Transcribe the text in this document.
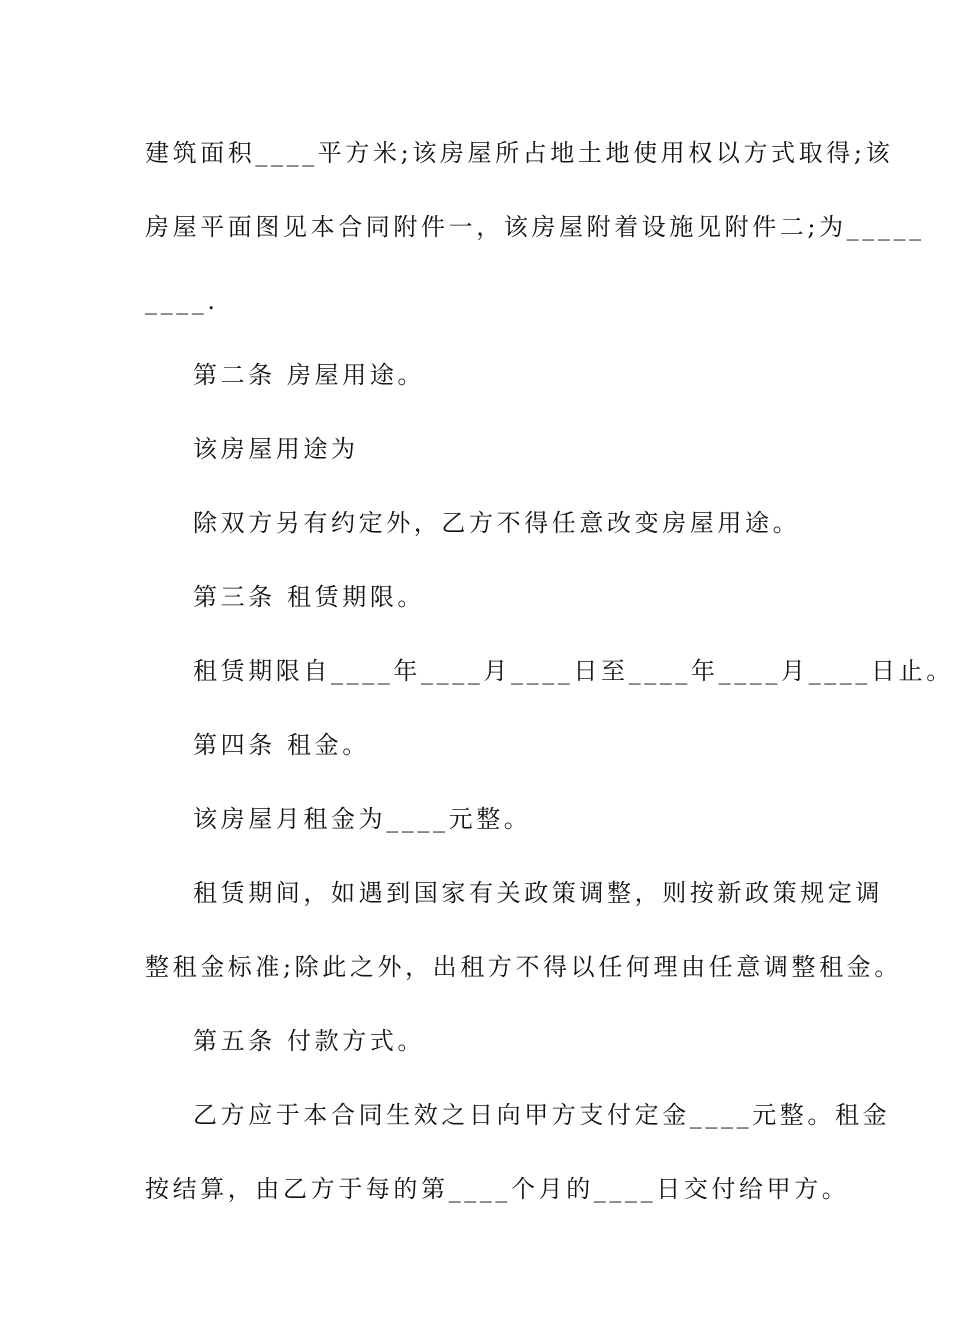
建筑面积____平方米;该房屋所占地土地使用权以方式取得;该
房屋平面图见本合同附件一，该房屋附着设施见附件二;为_____
____.
第二条 房屋用途。
该房屋用途为
除双方另有约定外，乙方不得任意改变房屋用途。
第三条 租赁期限。
租赁期限自____年____月____日至____年____月____日止。
第四条 租金。
该房屋月租金为____元整。
租赁期间，如遇到国家有关政策调整，则按新政策规定调
整租金标准;除此之外，出租方不得以任何理由任意调整租金。
第五条 付款方式。
乙方应于本合同生效之日向甲方支付定金____元整。租金
按结算，由乙方于每的第____个月的____日交付给甲方。
